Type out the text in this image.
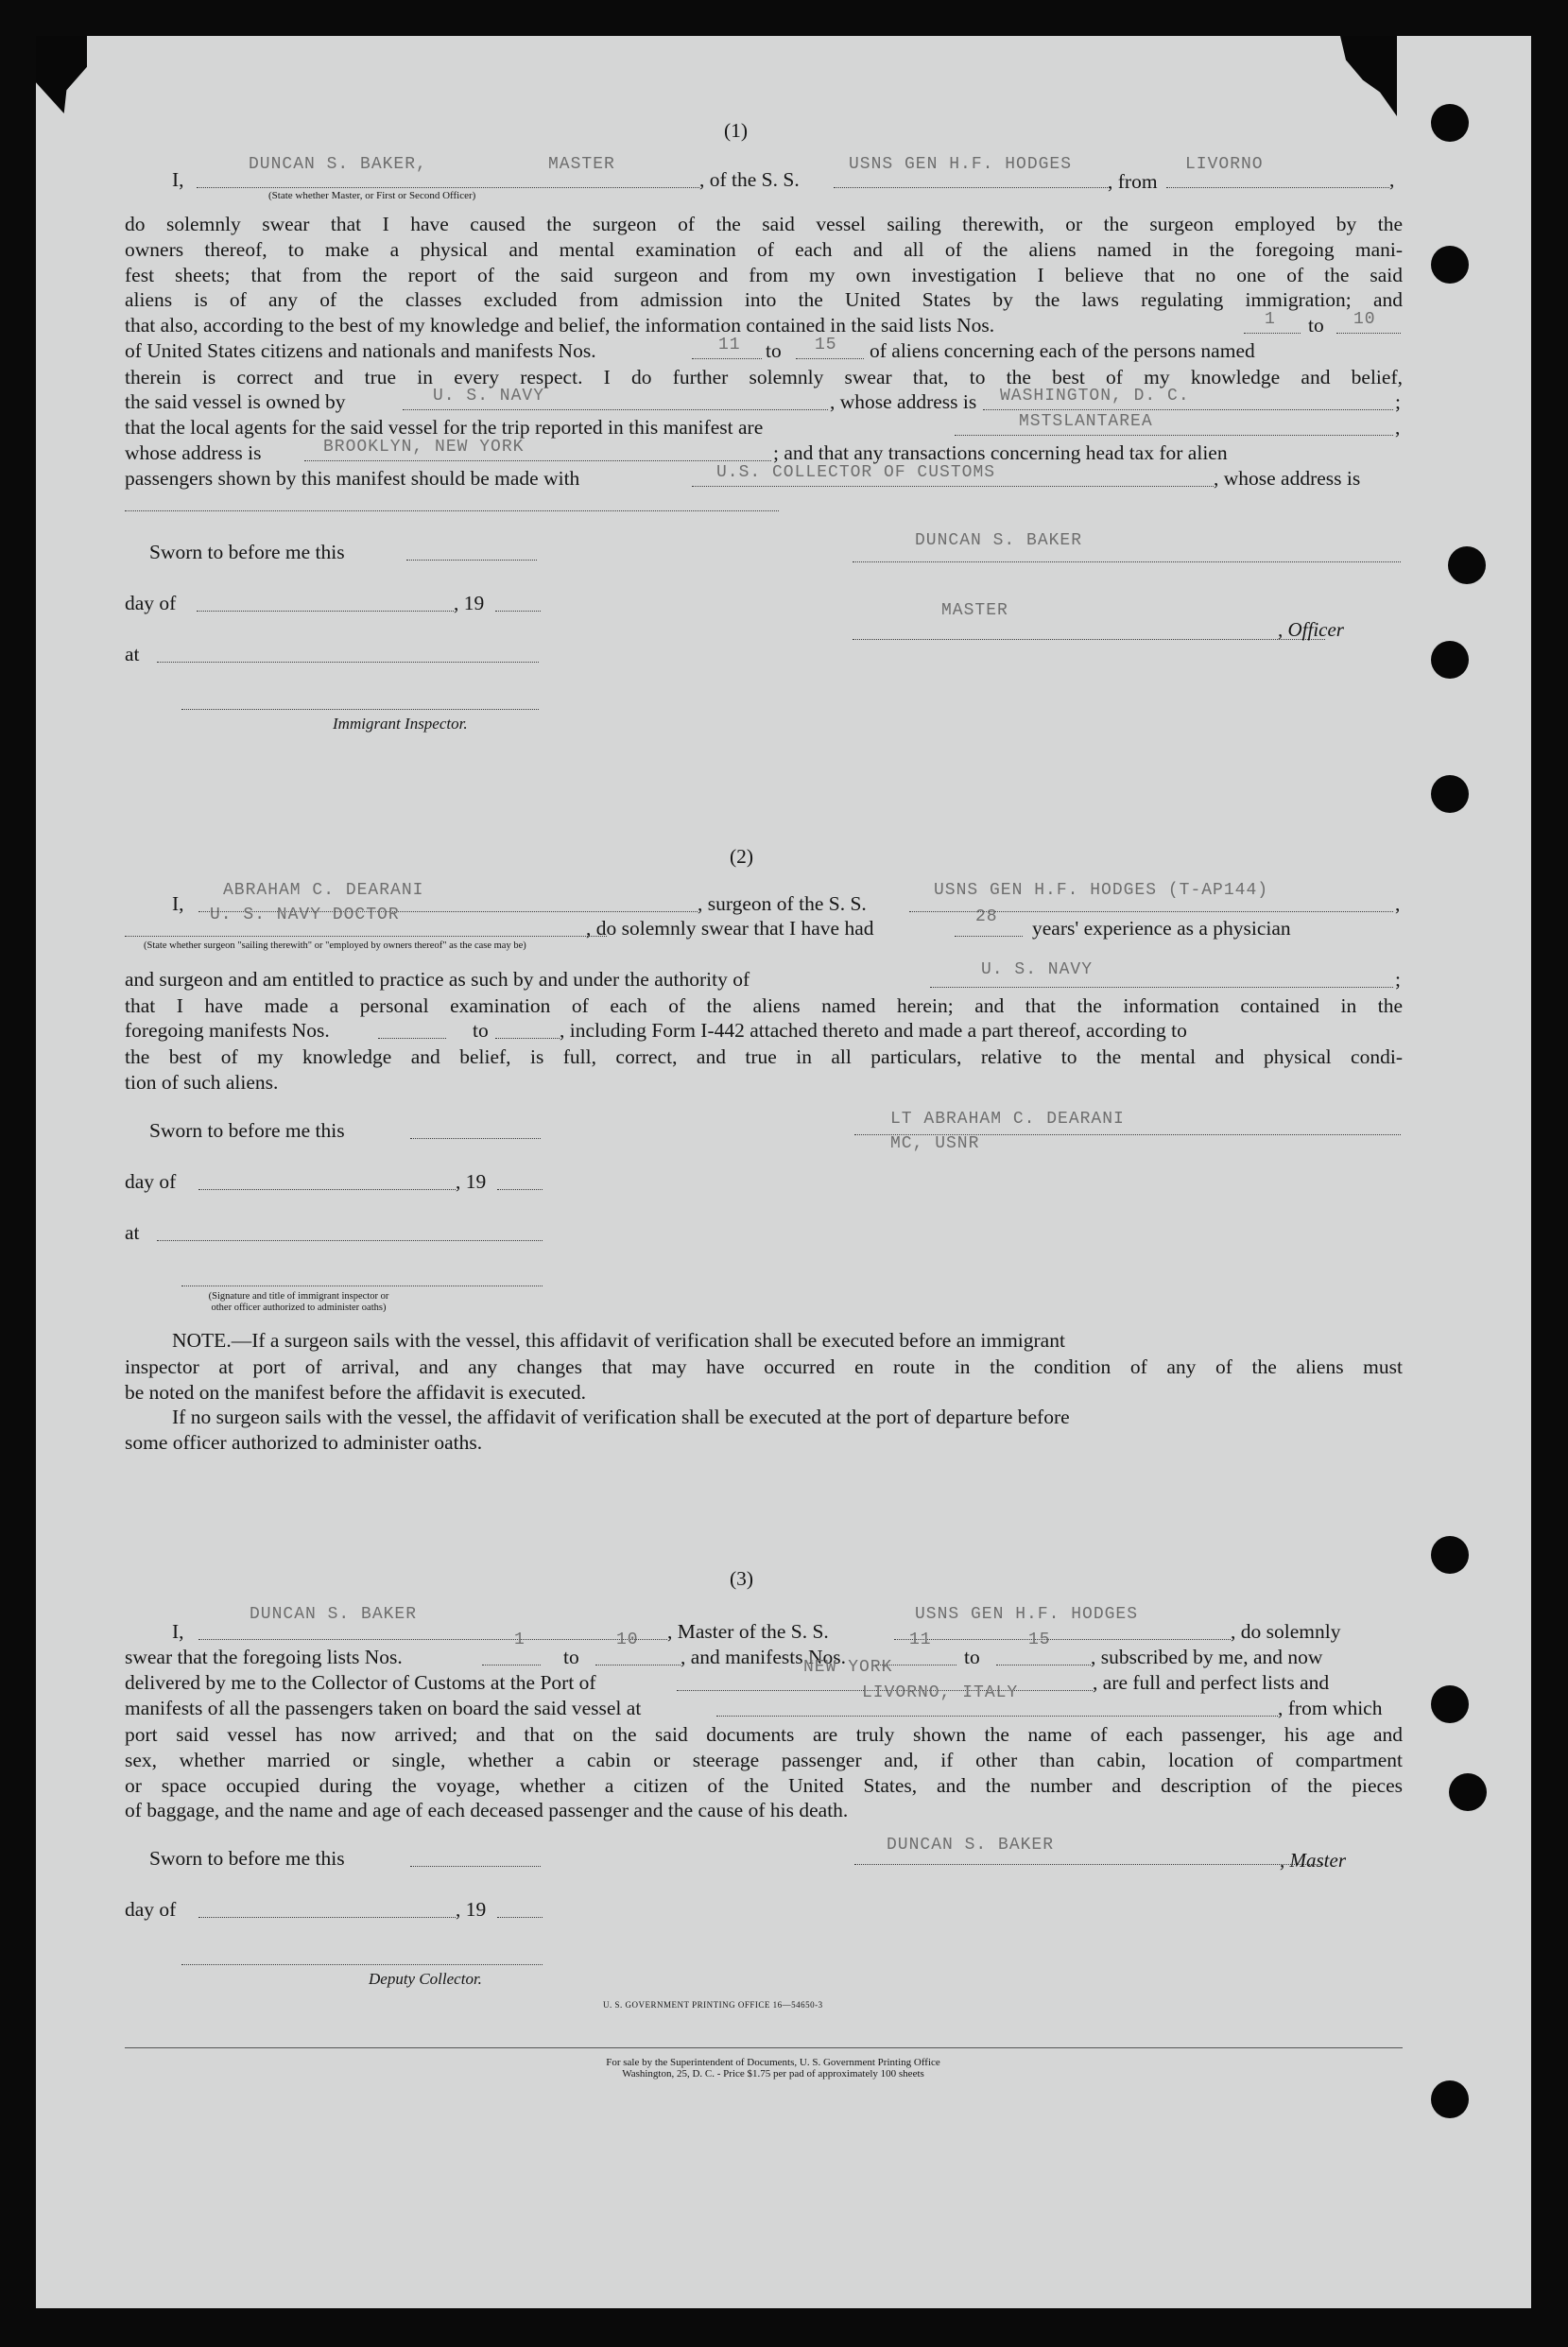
(1)
I,
DUNCAN S. BAKER,	MASTER
(State whether Master, or First or Second Officer)
, of the S. S.
USNS GEN H.F. HODGES
, from
LIVORNO
,
do solemnly swear that I have caused the surgeon of the said vessel sailing therewith, or the surgeon employed by the
owners thereof, to make a physical and mental examination of each and all of the aliens named in the foregoing mani-
fest sheets; that from the report of the said surgeon and from my own investigation I believe that no one of the said
aliens is of any of the classes excluded from admission into the United States by the laws regulating immigration; and
that also, according to the best of my knowledge and belief, the information contained in the said lists Nos.	1 to 10
of United States citizens and nationals and manifests Nos.	11 to 15 of aliens concerning each of the persons named
therein is correct and true in every respect. I do further solemnly swear that, to the best of my knowledge and belief,
the said vessel is owned by	U. S. NAVY	, whose address is WASHINGTON, D. C.	;
that the local agents for the said vessel for the trip reported in this manifest are	MSTSLANTAREA	,
whose address is	BROOKLYN, NEW YORK	; and that any transactions concerning head tax for alien
passengers shown by this manifest should be made with	U.S. COLLECTOR OF CUSTOMS	, whose address is
Sworn to before me this
day of	, 19
at
Immigrant Inspector.
DUNCAN S. BAKER
MASTER
, Officer
(2)
ABRAHAM C. DEARANI
I,	, surgeon of the S. S.
USNS GEN H.F. HODGES (T-AP144)
,
U. S. NAVY DOCTOR
, do solemnly swear that I have had	28 years' experience as a physician
(State whether surgeon "sailing therewith" or "employed by owners thereof" as the case may be)
and surgeon and am entitled to practice as such by and under the authority of	U. S. NAVY	;
that I have made a personal examination of each of the aliens named herein; and that the information contained in the
foregoing manifests Nos.	to	, including Form I-442 attached thereto and made a part thereof, according to
the best of my knowledge and belief, is full, correct, and true in all particulars, relative to the mental and physical condi-
tion of such aliens.
Sworn to before me this
day of	, 19
at
(Signature and title of immigrant inspector or
other officer authorized to administer oaths)
LT ABRAHAM C. DEARANI
MC, USNR
NOTE.—If a surgeon sails with the vessel, this affidavit of verification shall be executed before an immigrant
inspector at port of arrival, and any changes that may have occurred en route in the condition of any of the aliens must
be noted on the manifest before the affidavit is executed.
If no surgeon sails with the vessel, the affidavit of verification shall be executed at the port of departure before
some officer authorized to administer oaths.
(3)
I,
DUNCAN S. BAKER
, Master of the S. S.
USNS GEN H.F. HODGES
, do solemnly
swear that the foregoing lists Nos.
1
to
10
, and manifests Nos.
11
to
15
, subscribed by me, and now
delivered by me to the Collector of Customs at the Port of
NEW YORK
, are full and perfect lists and
manifests of all the passengers taken on board the said vessel at
LIVORNO, ITALY
, from which
port said vessel has now arrived; and that on the said documents are truly shown the name of each passenger, his age and
sex, whether married or single, whether a cabin or steerage passenger and, if other than cabin, location of compartment
or space occupied during the voyage, whether a citizen of the United States, and the number and description of the pieces
of baggage, and the name and age of each deceased passenger and the cause of his death.
Sworn to before me this
day of	, 19
Deputy Collector.
DUNCAN S. BAKER
, Master
U. S. GOVERNMENT PRINTING OFFICE 16—54650-3
For sale by the Superintendent of Documents, U. S. Government Printing Office
Washington, 25, D. C. - Price $1.75 per pad of approximately 100 sheets
